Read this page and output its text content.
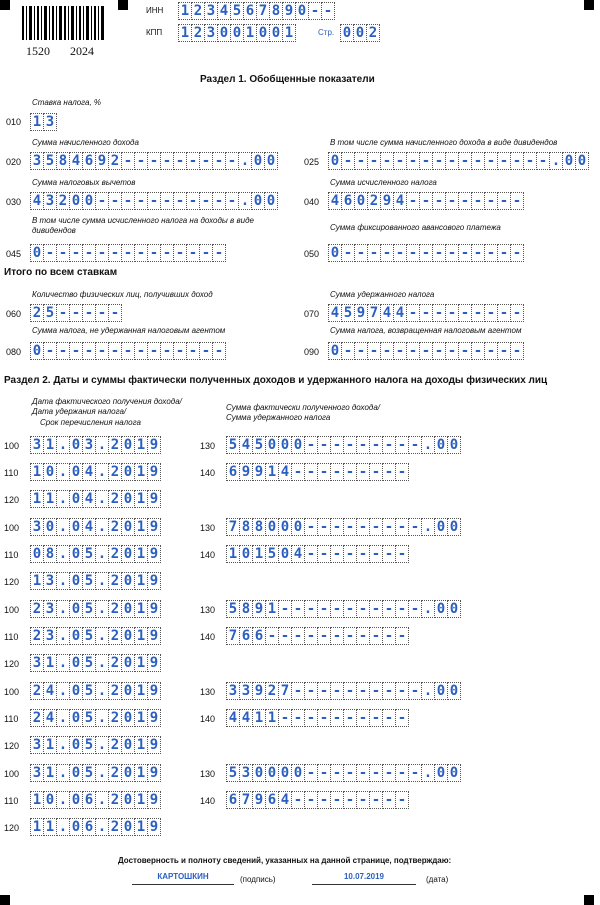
1520 2024
ИНН 1 2 3 4 5 6 7 8 9 0 - -
КПП 1 2 3 0 0 1 0 0 1	Стр. 0 0 2
Раздел 1. Обобщенные показатели
Ставка налога, %
010 1 3
Сумма начисленного дохода
020 3 5 8 4 6 9 2 - - - - - - - - - . 0 0
В том числе сумма начисленного дохода в виде дивидендов
025 0 - - - - - - - - - - - - - - - - . 0 0
Сумма налоговых вычетов
030 4 3 2 0 0 - - - - - - - - - - - . 0 0
Сумма исчисленного налога
040 4 6 0 2 9 4 - - - - - - - - -
В том числе сумма исчисленного налога на доходы в виде дивидендов
045 0 - - - - - - - - - - - - - -
Сумма фиксированного авансового платежа
050 0 - - - - - - - - - - - - - -
Итого по всем ставкам
Количество физических лиц, получивших доход
060 2 5 - - - - -
Сумма удержанного налога
070 4 5 9 7 4 4 - - - - - - - - -
Сумма налога, не удержанная налоговым агентом
080 0 - - - - - - - - - - - - - -
Сумма налога, возвращенная налоговым агентом
090 0 - - - - - - - - - - - - - -
Раздел 2. Даты и суммы фактически полученных доходов и удержанного налога на доходы физических лиц
Дата фактического получения дохода/
Дата удержания налога/
Срок перечисления налога
Сумма фактически полученного дохода/
Сумма удержанного налога
100 3 1 . 0 3 . 2 0 1 9	130 5 4 5 0 0 0 - - - - - - - - - . 0 0
110 1 0 . 0 4 . 2 0 1 9	140 6 9 9 1 4 - - - - - - - - -
120 1 1 . 0 4 . 2 0 1 9
100 3 0 . 0 4 . 2 0 1 9	130 7 8 8 0 0 0 - - - - - - - - - . 0 0
110 0 8 . 0 5 . 2 0 1 9	140 1 0 1 5 0 4 - - - - - - - -
120 1 3 . 0 5 . 2 0 1 9
100 2 3 . 0 5 . 2 0 1 9	130 5 8 9 1 - - - - - - - - - - - . 0 0
110 2 3 . 0 5 . 2 0 1 9	140 7 6 6 - - - - - - - - - - -
120 3 1 . 0 5 . 2 0 1 9
100 2 4 . 0 5 . 2 0 1 9	130 3 3 9 2 7 - - - - - - - - - - . 0 0
110 2 4 . 0 5 . 2 0 1 9	140 4 4 1 1 - - - - - - - - - -
120 3 1 . 0 5 . 2 0 1 9
100 3 1 . 0 5 . 2 0 1 9	130 5 3 0 0 0 0 - - - - - - - - - . 0 0
110 1 0 . 0 6 . 2 0 1 9	140 6 7 9 6 4 - - - - - - - - -
120 1 1 . 0 6 . 2 0 1 9
Достоверность и полноту сведений, указанных на данной странице, подтверждаю:
КАРТОШКИН	(подпись)	10.07.2019	(дата)
